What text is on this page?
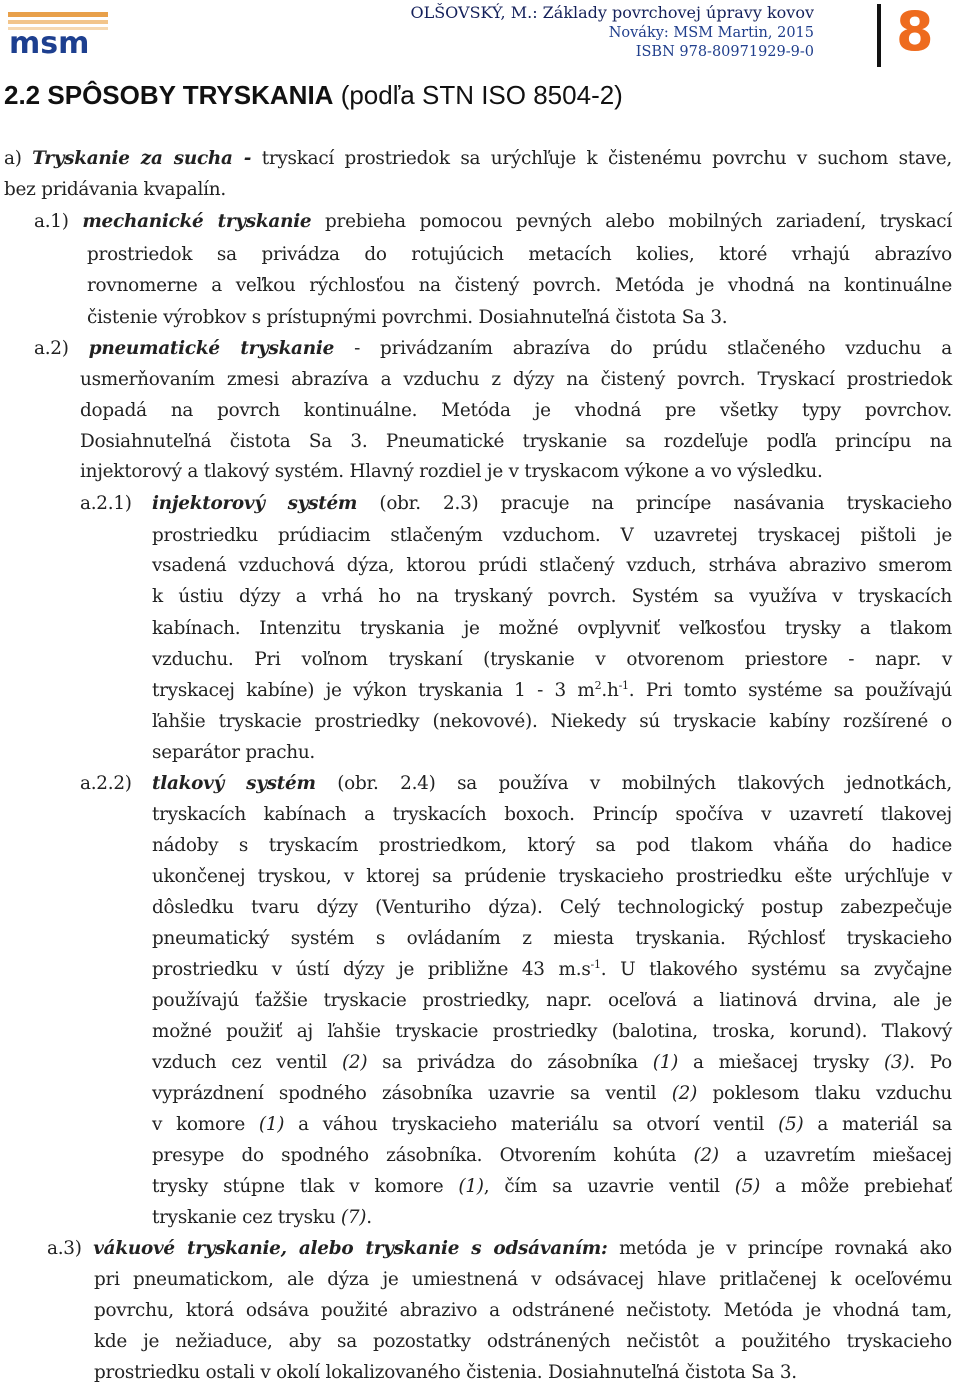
msm
OLŠOVSKÝ, M.: Základy povrchovej úpravy kovov
Nováky: MSM Martin, 2015
ISBN 978-80971929-9-0 8
2.2 SPÔSOBY TRYSKANIA (podľa STN ISO 8504-2)
a) Tryskanie za sucha - tryskací prostriedok sa urýchľuje k čistenému povrchu v suchom stave,
bez pridávania kvapalín.
a.1) mechanické tryskanie prebieha pomocou pevných alebo mobilných zariadení, tryskací
prostriedok sa privádza do rotujúcich metacích kolies, ktoré vrhajú abrazívo
rovnomerne a veľkou rýchlosťou na čistený povrch. Metóda je vhodná na kontinuálne
čistenie výrobkov s prístupnými povrchmi. Dosiahnuteľná čistota Sa 3.
a.2) pneumatické tryskanie - privádzaním abrazíva do prúdu stlačeného vzduchu a
usmerňovaním zmesi abrazíva a vzduchu z dýzy na čistený povrch. Tryskací prostriedok
dopadá na povrch kontinuálne. Metóda je vhodná pre všetky typy povrchov.
Dosiahnuteľná čistota Sa 3. Pneumatické tryskanie sa rozdeľuje podľa princípu na
injektorový a tlakový systém. Hlavný rozdiel je v tryskacom výkone a vo výsledku.
a.2.1)	injektorový systém (obr. 2.3) pracuje na princípe nasávania tryskacieho
prostriedku prúdiacim stlačeným vzduchom. V uzavretej tryskacej pištoli je
vsadená vzduchová dýza, ktorou prúdi stlačený vzduch, strháva abrazivo smerom
k ústiu dýzy a vrhá ho na tryskaný povrch. Systém sa využíva v tryskacích
kabínach. Intenzitu tryskania je možné ovplyvniť veľkosťou trysky a tlakom
vzduchu. Pri voľnom tryskaní (tryskanie v otvorenom priestore - napr. v
tryskacej kabíne) je výkon tryskania 1 - 3 $m^2.h^{-1}$. Pri tomto systéme sa používajú
ľahšie tryskacie prostriedky (nekovové). Niekedy sú tryskacie kabíny rozšírené o
separátor prachu.
a.2.2)	tlakový systém (obr. 2.4) sa používa v mobilných tlakových jednotkách,
tryskacích kabínach a tryskacích boxoch. Princíp spočíva v uzavretí tlakovej
nádoby s tryskacím prostriedkom, ktorý sa pod tlakom vháňa do hadice
ukončenej tryskou, v ktorej sa prúdenie tryskacieho prostriedku ešte urýchľuje v
dôsledku tvaru dýzy (Venturiho dýza). Celý technologický postup zabezpečuje
pneumatický systém s ovládaním z miesta tryskania. Rýchlosť tryskacieho
prostriedku v ústí dýzy je približne 43 $m.s^{-1}$. U tlakového systému sa zvyčajne
používajú ťažšie tryskacie prostriedky, napr. oceľová a liatinová drvina, ale je
možné použiť aj ľahšie tryskacie prostriedky (balotina, troska, korund). Tlakový
vzduch cez ventil (2) sa privádza do zásobníka (1) a miešacej trysky (3). Po
vyprázdnení spodného zásobníka uzavrie sa ventil (2) poklesom tlaku vzduchu
v komore (1) a váhou tryskacieho materiálu sa otvorí ventil (5) a materiál sa
presype do spodného zásobníka. Otvorením kohúta (2) a uzavretím miešacej
trysky stúpne tlak v komore (1), čím sa uzavrie ventil (5) a môže prebiehať
tryskanie cez trysku (7).
a.3) vákuové tryskanie, alebo tryskanie s odsávaním: metóda je v princípe rovnaká ako
pri pneumatickom, ale dýza je umiestnená v odsávacej hlave pritlačenej k oceľovému
povrchu, ktorá odsáva použité abrazivo a odstránené nečistoty. Metóda je vhodná tam,
kde je nežiaduce, aby sa pozostatky odstránených nečistôt a použitého tryskacieho
prostriedku ostali v okolí lokalizovaného čistenia. Dosiahnuteľná čistota Sa 3.
